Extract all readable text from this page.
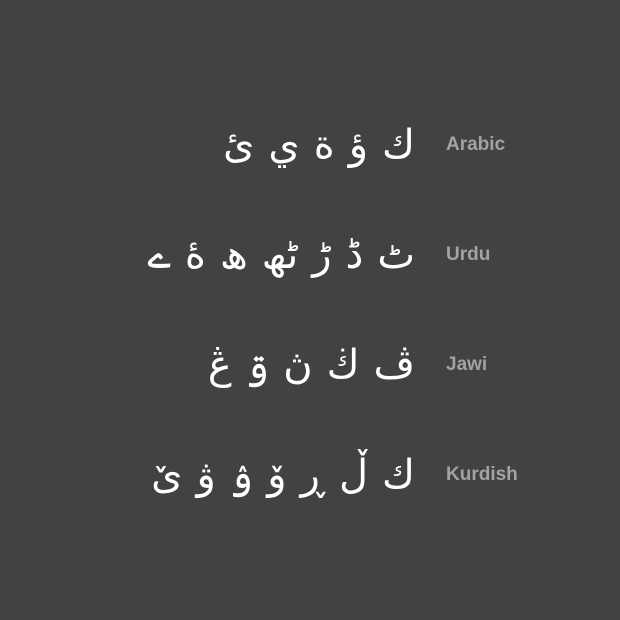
كؤةيئ	Arabic
ٹڈڑٹھھۀے	Urdu
ڤڬڽۊڠ	Jawi
كڵڕۆۉۋێ	Kurdish
